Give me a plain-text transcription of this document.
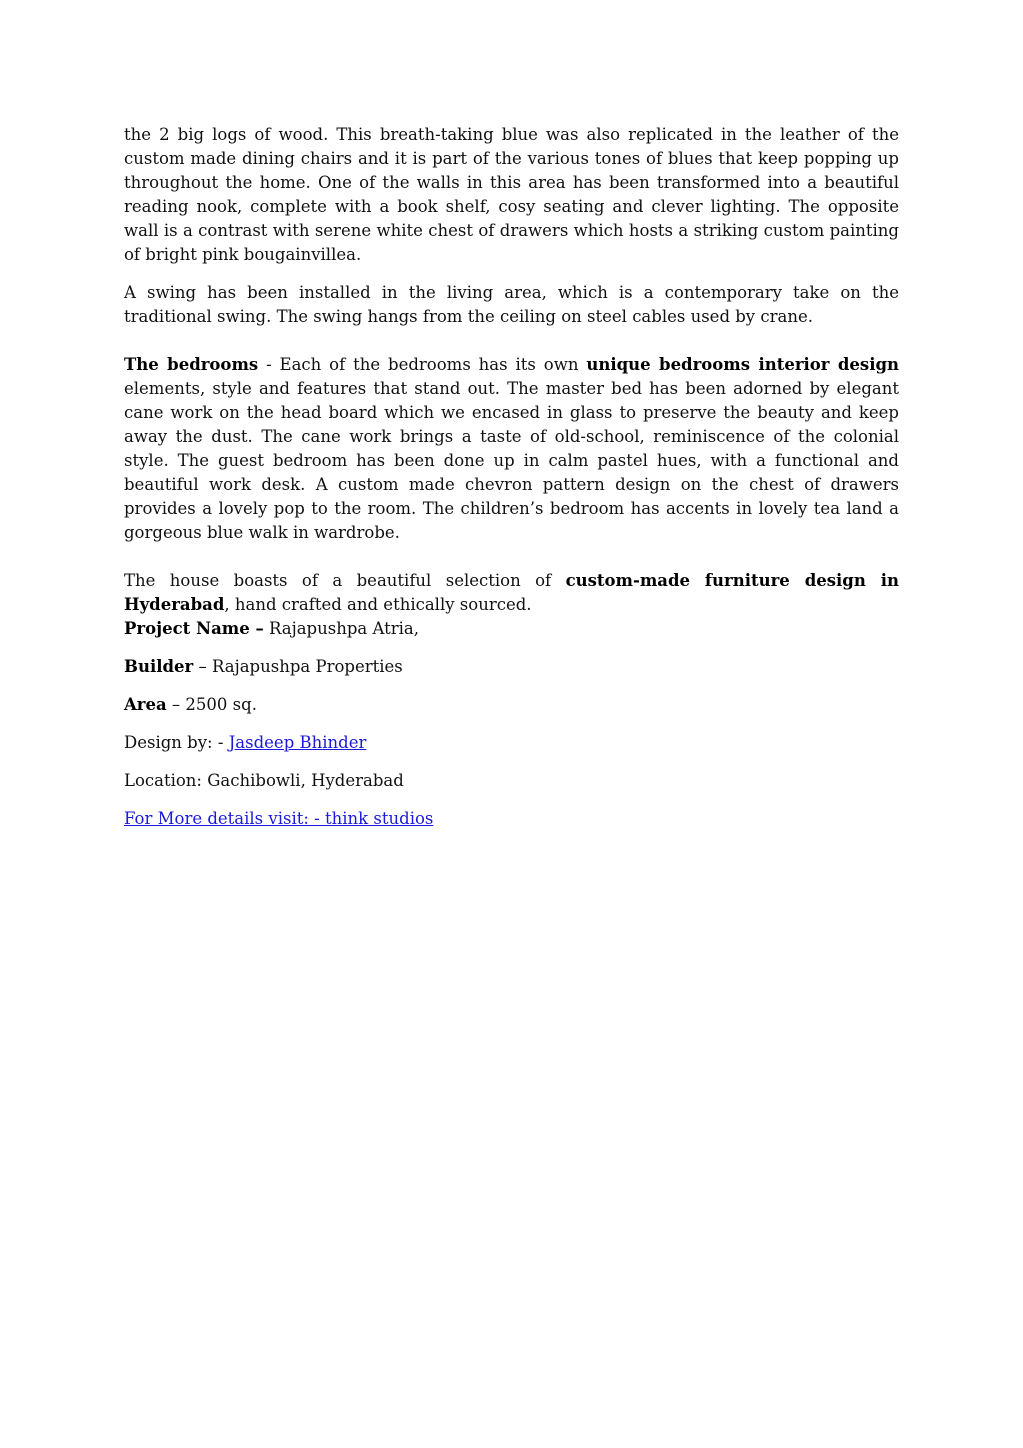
the 2 big logs of wood. This breath-taking blue was also replicated in the leather of the custom made dining chairs and it is part of the various tones of blues that keep popping up throughout the home. One of the walls in this area has been transformed into a beautiful reading nook, complete with a book shelf, cosy seating and clever lighting. The opposite wall is a contrast with serene white chest of drawers which hosts a striking custom painting of bright pink bougainvillea.

A swing has been installed in the living area, which is a contemporary take on the traditional swing. The swing hangs from the ceiling on steel cables used by crane.

The bedrooms - Each of the bedrooms has its own unique bedrooms interior design elements, style and features that stand out. The master bed has been adorned by elegant cane work on the head board which we encased in glass to preserve the beauty and keep away the dust. The cane work brings a taste of old-school, reminiscence of the colonial style. The guest bedroom has been done up in calm pastel hues, with a functional and beautiful work desk. A custom made chevron pattern design on the chest of drawers provides a lovely pop to the room. The children’s bedroom has accents in lovely tea land a gorgeous blue walk in wardrobe.

The house boasts of a beautiful selection of custom-made furniture design in Hyderabad, hand crafted and ethically sourced.

Project Name – Rajapushpa Atria,

Builder – Rajapushpa Properties

Area – 2500 sq.

Design by: - Jasdeep Bhinder

Location: Gachibowli, Hyderabad

For More details visit: - think studios
